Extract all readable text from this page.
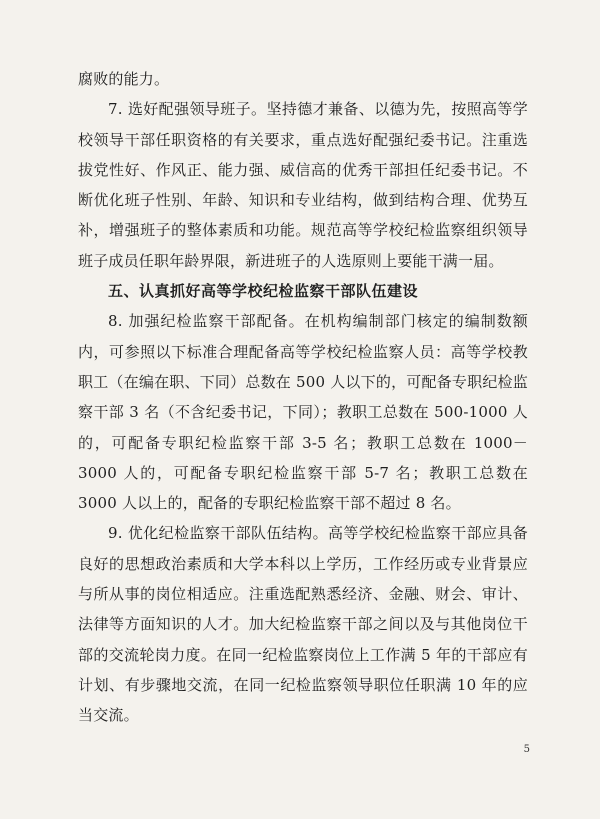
腐败的能力。

7. 选好配强领导班子。坚持德才兼备、以德为先，按照高等学校领导干部任职资格的有关要求，重点选好配强纪委书记。注重选拔党性好、作风正、能力强、威信高的优秀干部担任纪委书记。不断优化班子性别、年龄、知识和专业结构，做到结构合理、优势互补，增强班子的整体素质和功能。规范高等学校纪检监察组织领导班子成员任职年龄界限，新进班子的人选原则上要能干满一届。

五、认真抓好高等学校纪检监察干部队伍建设

8. 加强纪检监察干部配备。在机构编制部门核定的编制数额内，可参照以下标准合理配备高等学校纪检监察人员：高等学校教职工（在编在职、下同）总数在 500 人以下的，可配备专职纪检监察干部 3 名（不含纪委书记，下同）；教职工总数在 500-1000 人的，可配备专职纪检监察干部 3-5 名；教职工总数在 1000－3000 人的，可配备专职纪检监察干部 5-7 名；教职工总数在 3000 人以上的，配备的专职纪检监察干部不超过 8 名。

9. 优化纪检监察干部队伍结构。高等学校纪检监察干部应具备良好的思想政治素质和大学本科以上学历，工作经历或专业背景应与所从事的岗位相适应。注重选配熟悉经济、金融、财会、审计、法律等方面知识的人才。加大纪检监察干部之间以及与其他岗位干部的交流轮岗力度。在同一纪检监察岗位上工作满 5 年的干部应有计划、有步骤地交流，在同一纪检监察领导职位任职满 10 年的应当交流。

5
